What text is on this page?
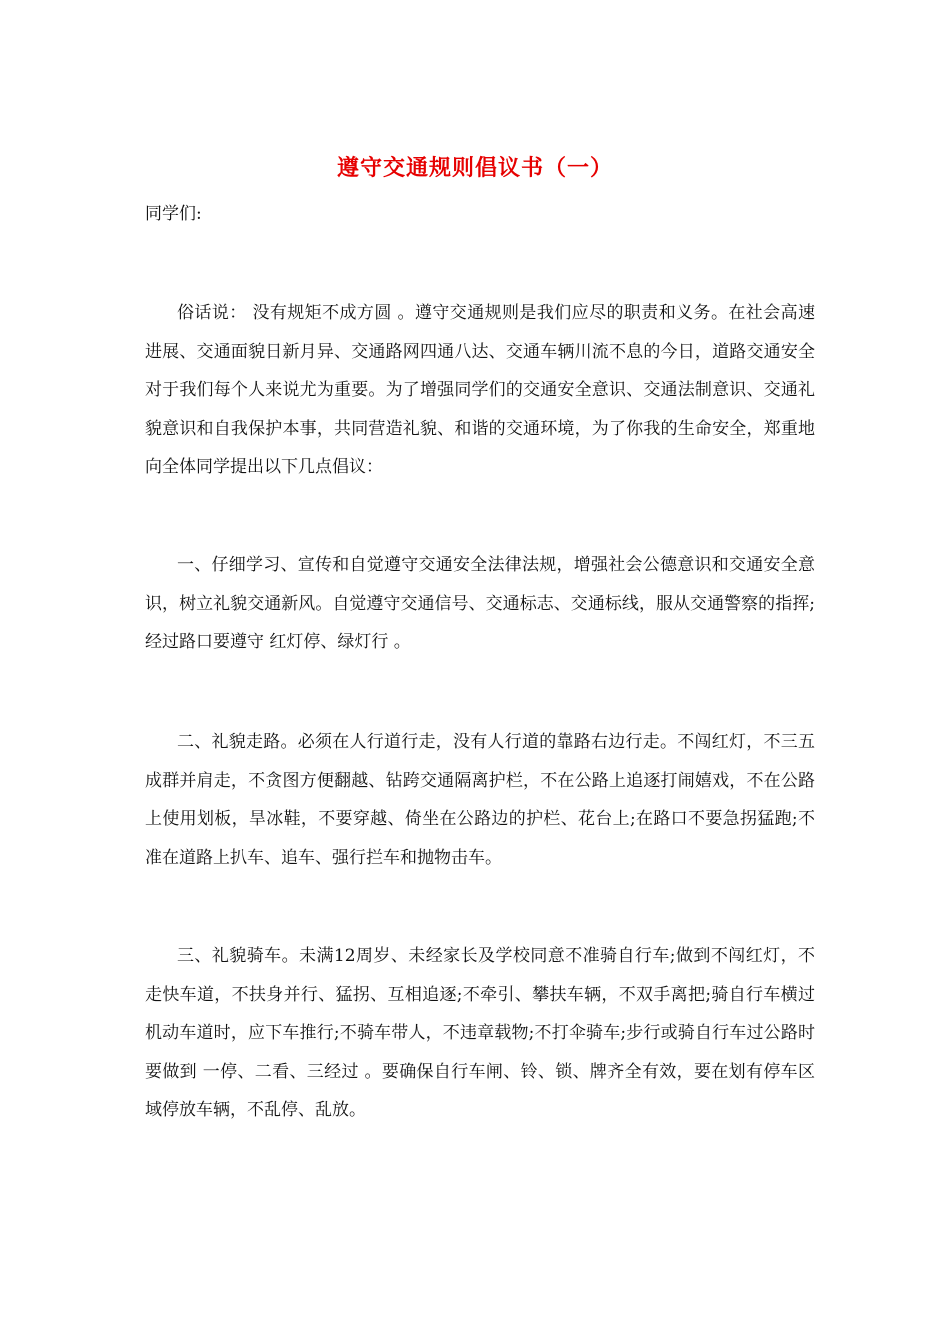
遵守交通规则倡议书（一）
同学们:

俗话说： 没有规矩不成方圆 。遵守交通规则是我们应尽的职责和义务。在社会高速进展、交通面貌日新月异、交通路网四通八达、交通车辆川流不息的今日，道路交通安全对于我们每个人来说尤为重要。为了增强同学们的交通安全意识、交通法制意识、交通礼貌意识和自我保护本事，共同营造礼貌、和谐的交通环境，为了你我的生命安全，郑重地向全体同学提出以下几点倡议：

一、仔细学习、宣传和自觉遵守交通安全法律法规，增强社会公德意识和交通安全意识，树立礼貌交通新风。自觉遵守交通信号、交通标志、交通标线，服从交通警察的指挥;经过路口要遵守 红灯停、绿灯行 。

二、礼貌走路。必须在人行道行走，没有人行道的靠路右边行走。不闯红灯，不三五成群并肩走，不贪图方便翻越、钻跨交通隔离护栏，不在公路上追逐打闹嬉戏，不在公路上使用划板，旱冰鞋，不要穿越、倚坐在公路边的护栏、花台上;在路口不要急拐猛跑;不准在道路上扒车、追车、强行拦车和抛物击车。

三、礼貌骑车。未满12周岁、未经家长及学校同意不准骑自行车;做到不闯红灯，不走快车道，不扶身并行、猛拐、互相追逐;不牵引、攀扶车辆，不双手离把;骑自行车横过机动车道时，应下车推行;不骑车带人，不违章载物;不打伞骑车;步行或骑自行车过公路时要做到 一停、二看、三经过 。要确保自行车闸、铃、锁、牌齐全有效，要在划有停车区域停放车辆，不乱停、乱放。
